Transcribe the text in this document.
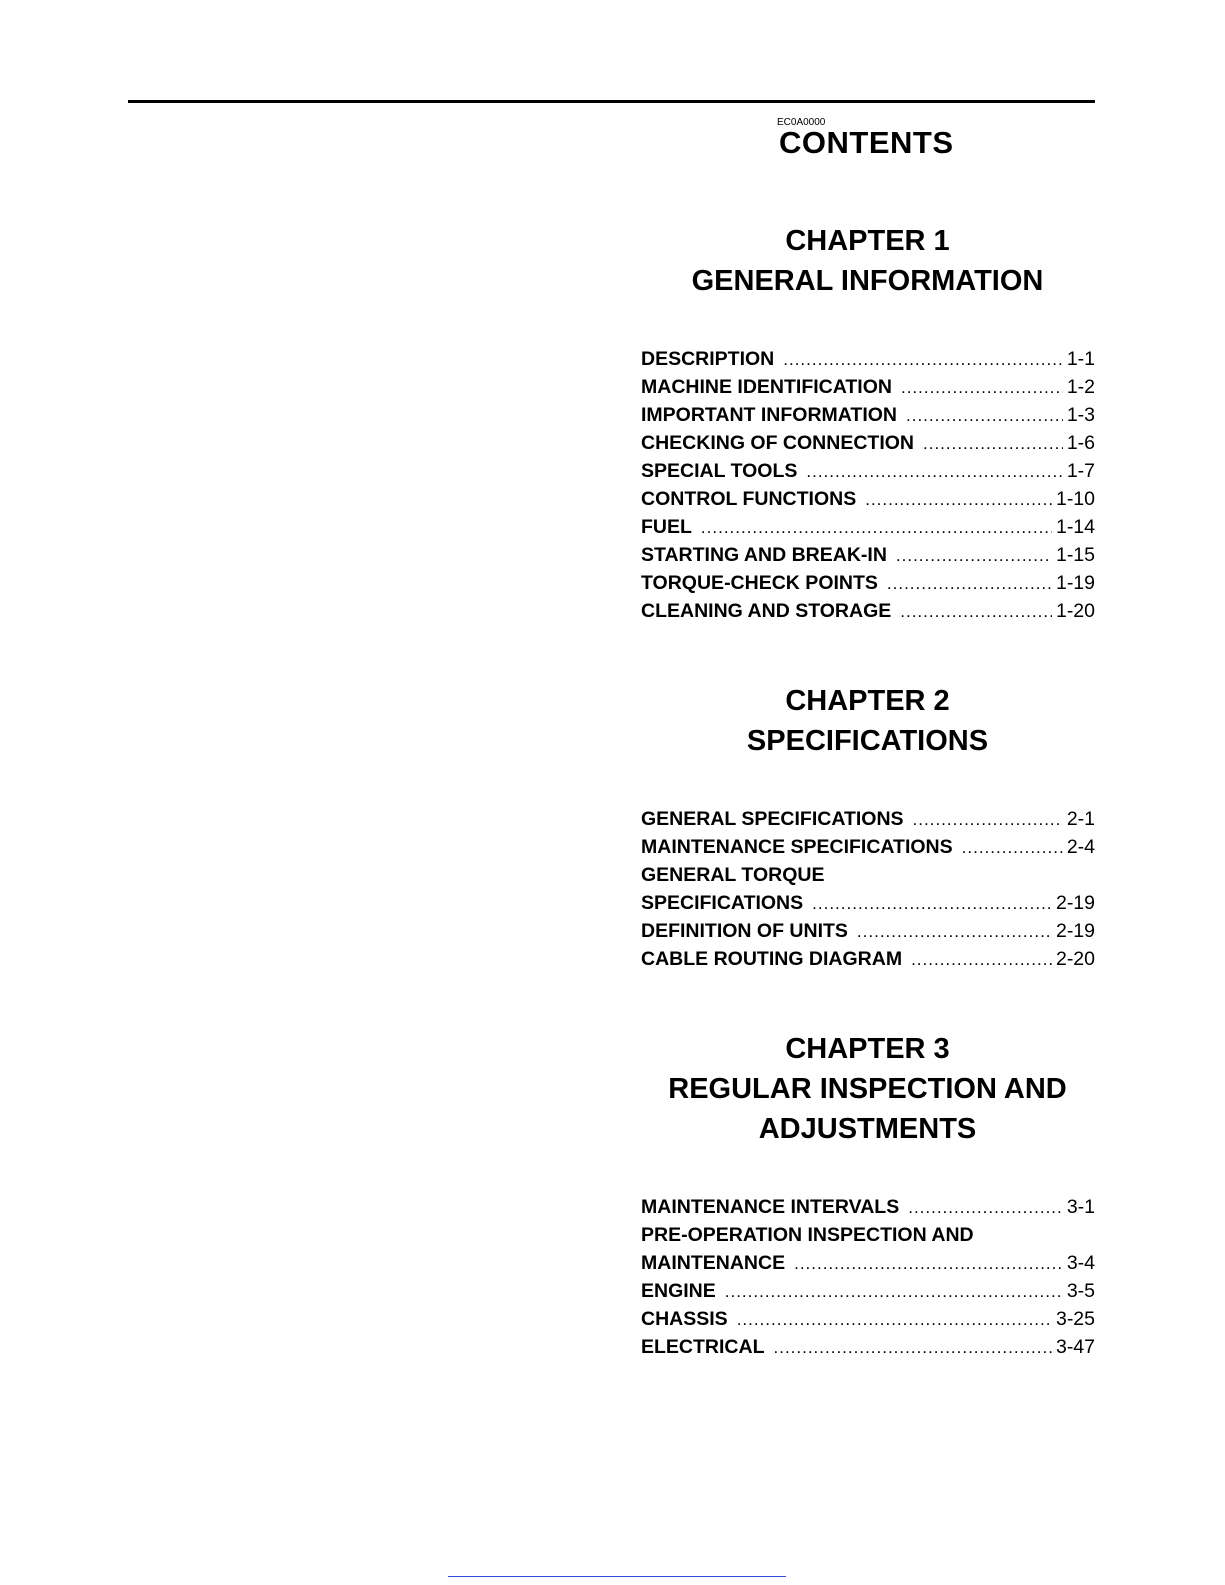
EC0A0000
CONTENTS
CHAPTER 1
GENERAL INFORMATION
DESCRIPTION .....	1-1
MACHINE IDENTIFICATION .....	1-2
IMPORTANT INFORMATION .....	1-3
CHECKING OF CONNECTION .....	1-6
SPECIAL TOOLS .....	1-7
CONTROL FUNCTIONS .....	1-10
FUEL .....	1-14
STARTING AND BREAK-IN .....	1-15
TORQUE-CHECK POINTS .....	1-19
CLEANING AND STORAGE .....	1-20
CHAPTER 2
SPECIFICATIONS
GENERAL SPECIFICATIONS .....	2-1
MAINTENANCE SPECIFICATIONS .....	2-4
GENERAL TORQUE
SPECIFICATIONS .....	2-19
DEFINITION OF UNITS .....	2-19
CABLE ROUTING DIAGRAM .....	2-20
CHAPTER 3
REGULAR INSPECTION AND
ADJUSTMENTS
MAINTENANCE INTERVALS .....	3-1
PRE-OPERATION INSPECTION AND
MAINTENANCE .....	3-4
ENGINE .....	3-5
CHASSIS .....	3-25
ELECTRICAL .....	3-47
